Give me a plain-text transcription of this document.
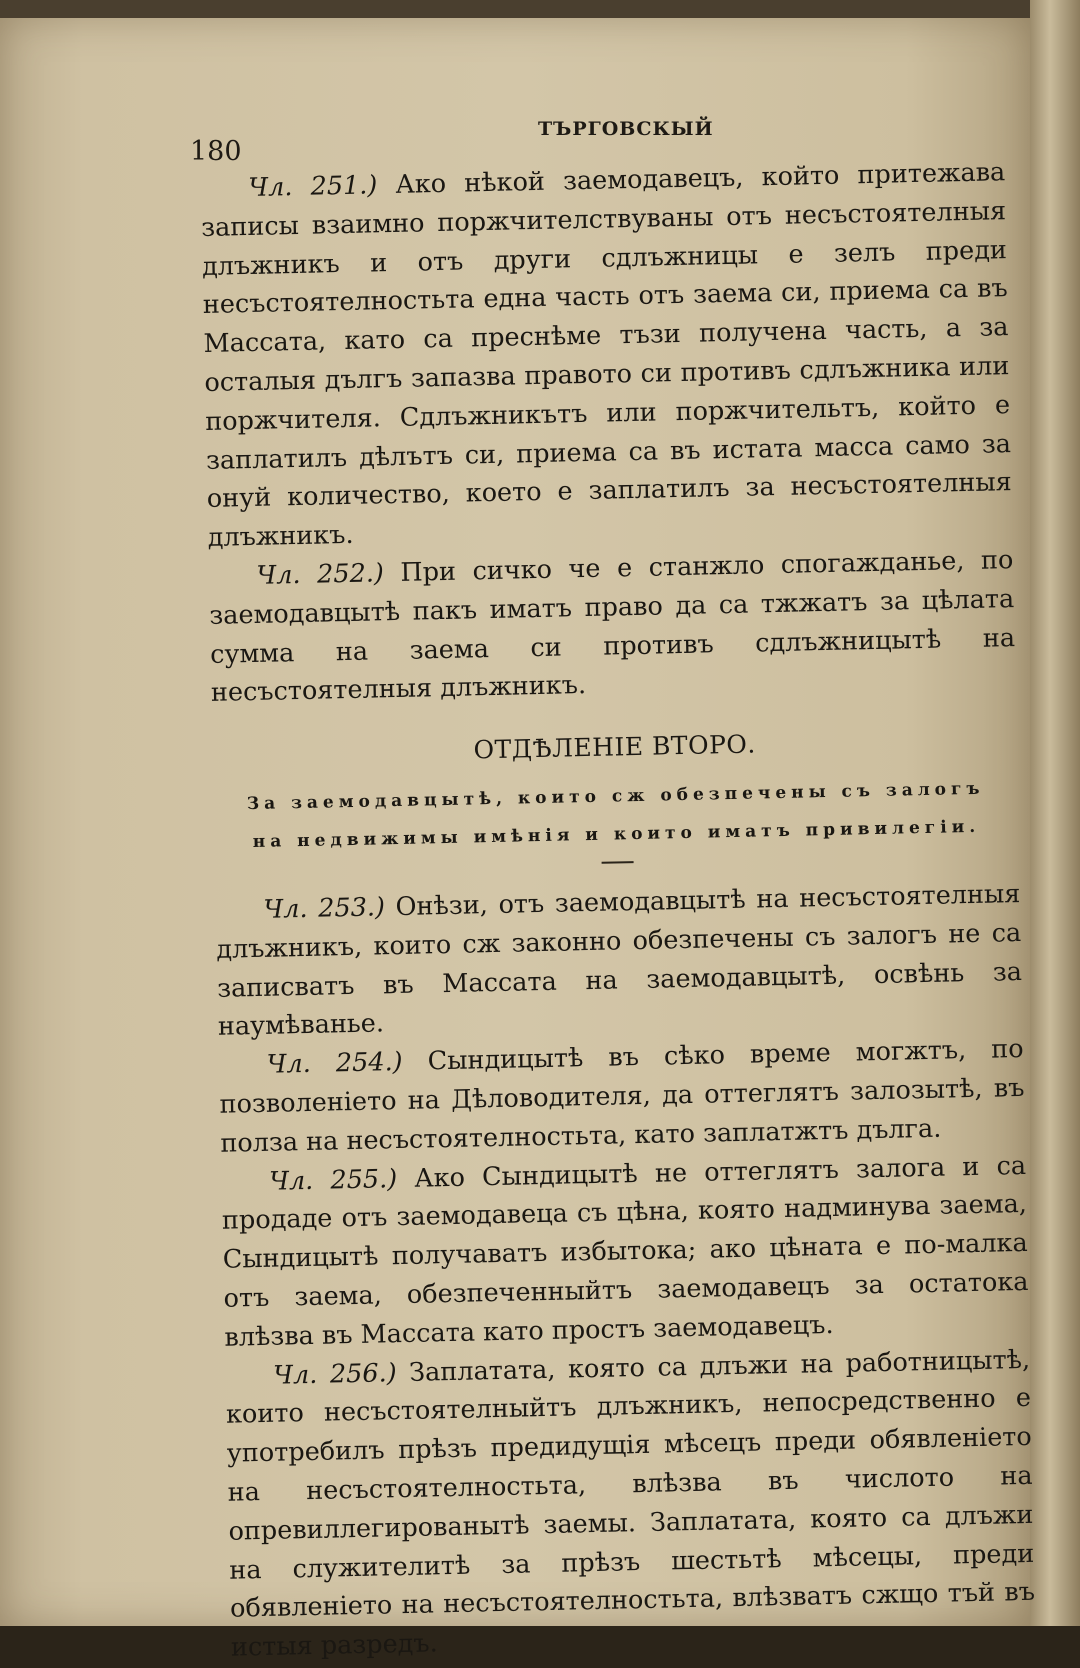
180
ТЪРГОВСКЫЙ

Чл. 251.) Ако нѣкой заемодавецъ, който притежава записы взаимно поржчителствуваны отъ несъстоятелныя длъжникъ и отъ други сдлъжницы е зелъ преди несъстоятелностьта една часть отъ заема си, приема са въ Массата, като са преснѣме тъзи получена часть, а за осталыя дългъ запазва правото си противъ сдлъжника или поржчителя. Сдлъжникътъ или поржчительтъ, който е заплатилъ дѣлътъ си, приема са въ истата масса само за онуй количество, което е заплатилъ за несъстоятелныя длъжникъ.

Чл. 252.) При сичко че е станжло спогажданье, по заемодавцытѣ пакъ иматъ право да са тжжатъ за цѣлата сумма на заема си противъ сдлъжницытѣ на несъстоятелныя длъжникъ.

ОТДѢЛЕНІЕ ВТОРО.

За заемодавцытѣ, които сж обезпечены съ залогъ
на недвижимы имѣнія и които иматъ привилегіи.

Чл. 253.) Онѣзи, отъ заемодавцытѣ на несъстоятелныя длъжникъ, които сж законно обезпечены съ залогъ не са записватъ въ Массата на заемодавцытѣ, освѣнь за наумѣванье.

Чл. 254.) Сындицытѣ въ сѣко време могжтъ, по позволеніето на Дѣловодителя, да оттеглятъ залозытѣ, въ полза на несъстоятелностьта, като заплатжтъ дълга.

Чл. 255.) Ако Сындицытѣ не оттеглятъ залога и са продаде отъ заемодавеца съ цѣна, която надминува заема, Сындицытѣ получаватъ избытока; ако цѣната е по-малка отъ заема, обезпеченныйтъ заемодавецъ за остатока влѣзва въ Массата като простъ заемодавецъ.

Чл. 256.) Заплатата, която са длъжи на работницытѣ, които несъстоятелныйтъ длъжникъ, непосредственно е употребилъ прѣзъ предидущія мѣсецъ преди обявленіето на несъстоятелностьта, влѣзва въ числото на опревиллегированытѣ заемы. Заплатата, която са длъжи на служителитѣ за прѣзъ шестьтѣ мѣсецы, преди обявленіето на несъстоятелностьта, влѣзватъ сжщо тъй въ истыя разредъ.
